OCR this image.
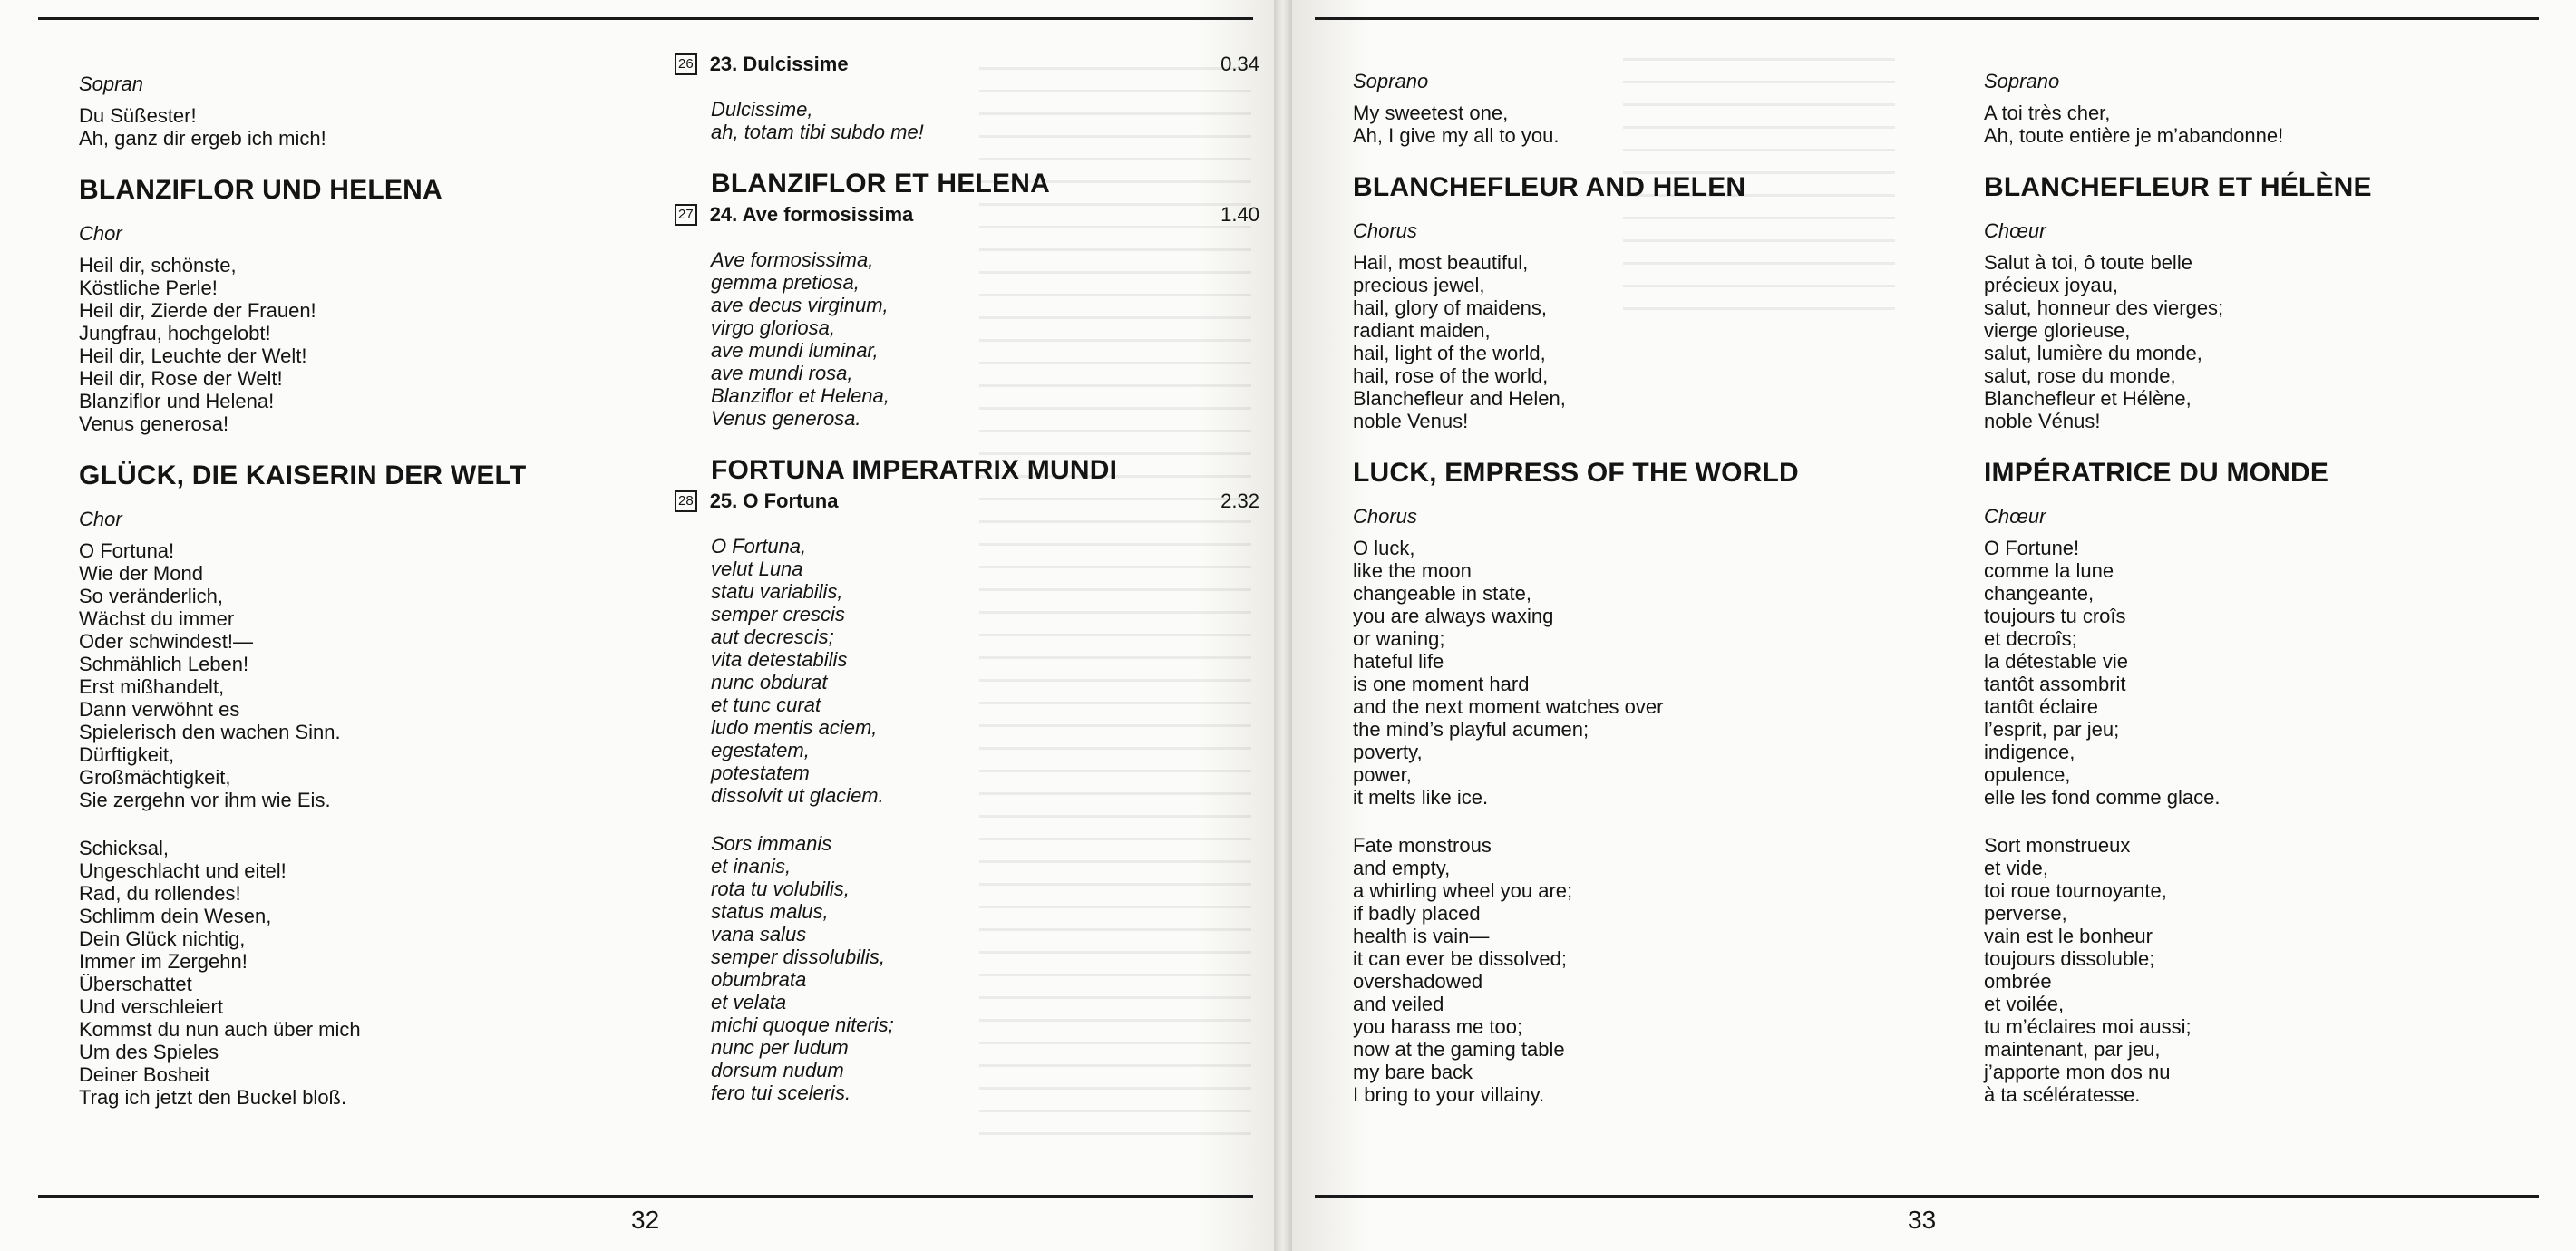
Sopran

Du Süßester!
Ah, ganz dir ergeb ich mich!

BLANZIFLOR UND HELENA

Chor

Heil dir, schönste,
Köstliche Perle!
Heil dir, Zierde der Frauen!
Jungfrau, hochgelobt!
Heil dir, Leuchte der Welt!
Heil dir, Rose der Welt!
Blanziflor und Helena!
Venus generosa!

GLÜCK, DIE KAISERIN DER WELT

Chor

O Fortuna!
Wie der Mond
So veränderlich,
Wächst du immer
Oder schwindest!—
Schmählich Leben!
Erst mißhandelt,
Dann verwöhnt es
Spielerisch den wachen Sinn.
Dürftigkeit,
Großmächtigkeit,
Sie zergehn vor ihm wie Eis.

Schicksal,
Ungeschlacht und eitel!
Rad, du rollendes!
Schlimm dein Wesen,
Dein Glück nichtig,
Immer im Zergehn!
Überschattet
Und verschleiert
Kommst du nun auch über mich
Um des Spieles
Deiner Bosheit
Trag ich jetzt den Buckel bloß.

26 23. Dulcissime	0.34

Dulcissime,
ah, totam tibi subdo me!

BLANZIFLOR ET HELENA

27 24. Ave formosissima	1.40

Ave formosissima,
gemma pretiosa,
ave decus virginum,
virgo gloriosa,
ave mundi luminar,
ave mundi rosa,
Blanziflor et Helena,
Venus generosa.

FORTUNA IMPERATRIX MUNDI

28 25. O Fortuna	2.32

O Fortuna,
velut Luna
statu variabilis,
semper crescis
aut decrescis;
vita detestabilis
nunc obdurat
et tunc curat
ludo mentis aciem,
egestatem,
potestatem
dissolvit ut glaciem.

Sors immanis
et inanis,
rota tu volubilis,
status malus,
vana salus
semper dissolubilis,
obumbrata
et velata
michi quoque niteris;
nunc per ludum
dorsum nudum
fero tui sceleris.

32

Soprano

My sweetest one,
Ah, I give my all to you.

BLANCHEFLEUR AND HELEN

Chorus

Hail, most beautiful,
precious jewel,
hail, glory of maidens,
radiant maiden,
hail, light of the world,
hail, rose of the world,
Blanchefleur and Helen,
noble Venus!

LUCK, EMPRESS OF THE WORLD

Chorus

O luck,
like the moon
changeable in state,
you are always waxing
or waning;
hateful life
is one moment hard
and the next moment watches over
the mind’s playful acumen;
poverty,
power,
it melts like ice.

Fate monstrous
and empty,
a whirling wheel you are;
if badly placed
health is vain—
it can ever be dissolved;
overshadowed
and veiled
you harass me too;
now at the gaming table
my bare back
I bring to your villainy.

Soprano

A toi très cher,
Ah, toute entière je m’abandonne!

BLANCHEFLEUR ET HÉLÈNE

Chœur

Salut à toi, ô toute belle
précieux joyau,
salut, honneur des vierges;
vierge glorieuse,
salut, lumière du monde,
salut, rose du monde,
Blanchefleur et Hélène,
noble Vénus!

IMPÉRATRICE DU MONDE

Chœur

O Fortune!
comme la lune
changeante,
toujours tu croîs
et decroîs;
la détestable vie
tantôt assombrit
tantôt éclaire
l’esprit, par jeu;
indigence,
opulence,
elle les fond comme glace.

Sort monstrueux
et vide,
toi roue tournoyante,
perverse,
vain est le bonheur
toujours dissoluble;
ombrée
et voilée,
tu m’éclaires moi aussi;
maintenant, par jeu,
j’apporte mon dos nu
à ta scélératesse.

33
